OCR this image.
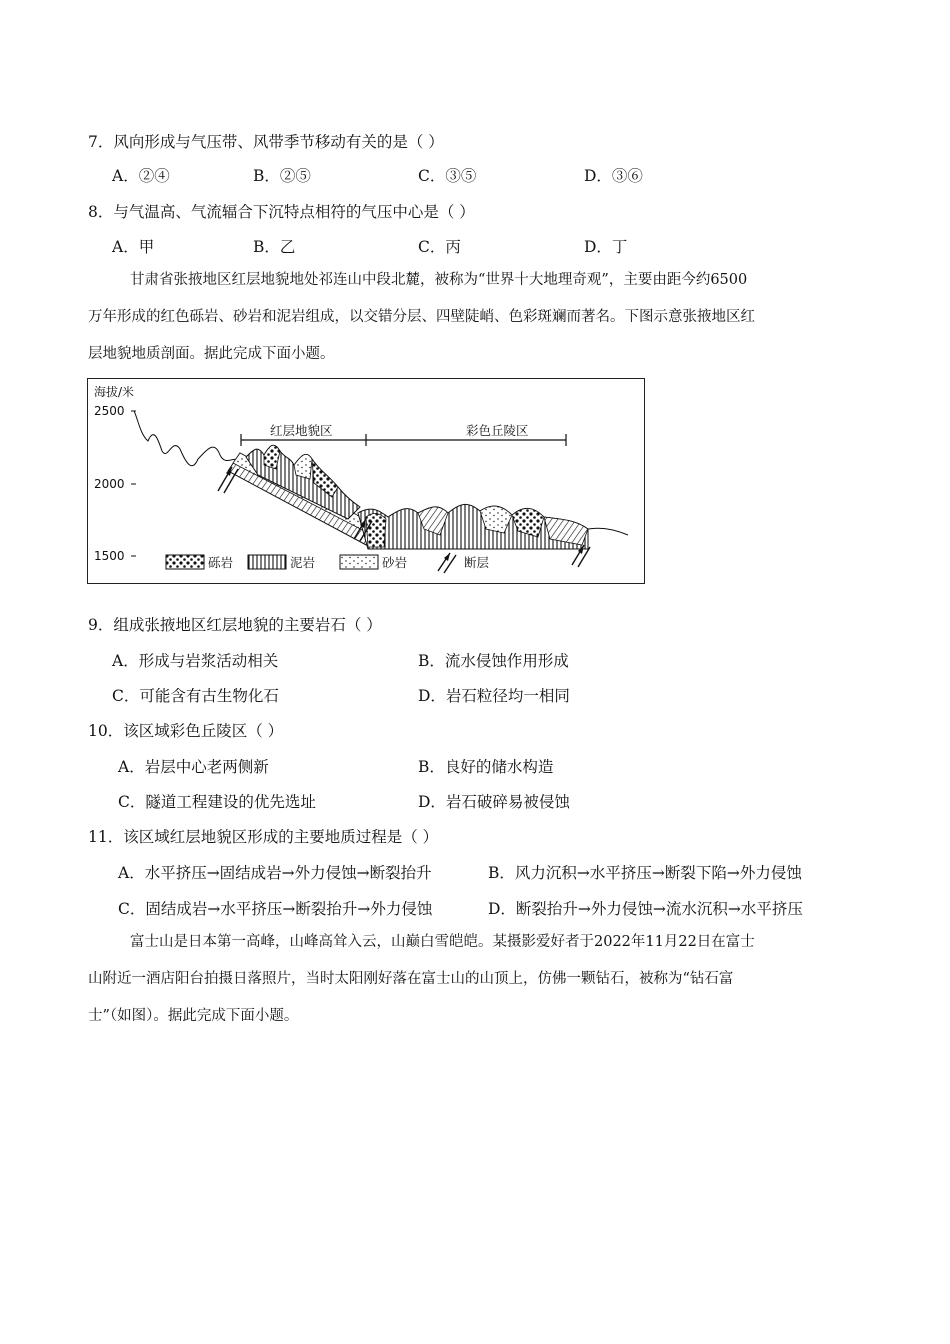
7．风向形成与气压带、风带季节移动有关的是（ ）
A．②④	B．②⑤	C．③⑤	D．③⑥
8．与气温高、气流辐合下沉特点相符的气压中心是（ ）
A．甲	B．乙	C．丙	D．丁
甘肃省张掖地区红层地貌地处祁连山中段北麓，被称为“世界十大地理奇观”，主要由距今约6500
万年形成的红色砾岩、砂岩和泥岩组成，以交错分层、四壁陡峭、色彩斑斓而著名。下图示意张掖地区红
层地貌地质剖面。据此完成下面小题。
海拔/米
2500
2000
1500
红层地貌区	彩色丘陵区
砾岩	泥岩	砂岩	断层
9．组成张掖地区红层地貌的主要岩石（ ）
A．形成与岩浆活动相关	B．流水侵蚀作用形成
C．可能含有古生物化石	D．岩石粒径均一相同
10．该区域彩色丘陵区（ ）
A．岩层中心老两侧新	B．良好的储水构造
C．隧道工程建设的优先选址	D．岩石破碎易被侵蚀
11．该区域红层地貌区形成的主要地质过程是（ ）
A．水平挤压→固结成岩→外力侵蚀→断裂抬升	B．风力沉积→水平挤压→断裂下陷→外力侵蚀
C．固结成岩→水平挤压→断裂抬升→外力侵蚀	D．断裂抬升→外力侵蚀→流水沉积→水平挤压
富士山是日本第一高峰，山峰高耸入云，山巅白雪皑皑。某摄影爱好者于2022年11月22日在富士
山附近一酒店阳台拍摄日落照片，当时太阳刚好落在富士山的山顶上，仿佛一颗钻石，被称为“钻石富
士”（如图）。据此完成下面小题。
